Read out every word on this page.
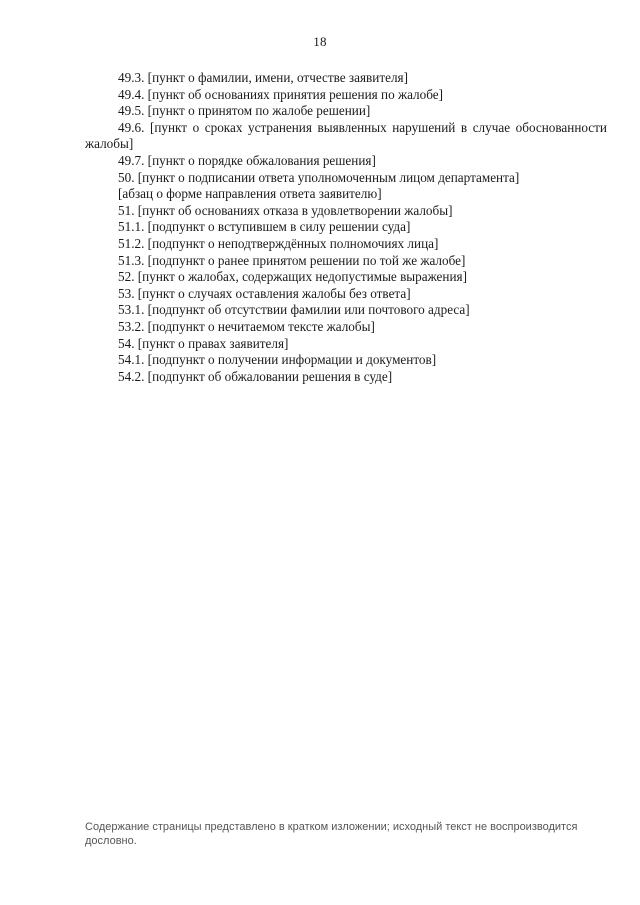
18

49.3. [пункт о фамилии, имени, отчестве заявителя]

49.4. [пункт об основаниях принятия решения по жалобе]

49.5. [пункт о принятом по жалобе решении]

49.6. [пункт о сроках устранения выявленных нарушений в случае обоснованности жалобы]

49.7. [пункт о порядке обжалования решения]

50. [пункт о подписании ответа уполномоченным лицом департамента]

[абзац о форме направления ответа заявителю]

51. [пункт об основаниях отказа в удовлетворении жалобы]

51.1. [подпункт о вступившем в силу решении суда]

51.2. [подпункт о неподтверждённых полномочиях лица]

51.3. [подпункт о ранее принятом решении по той же жалобе]

52. [пункт о жалобах, содержащих недопустимые выражения]

53. [пункт о случаях оставления жалобы без ответа]

53.1. [подпункт об отсутствии фамилии или почтового адреса]

53.2. [подпункт о нечитаемом тексте жалобы]

54. [пункт о правах заявителя]

54.1. [подпункт о получении информации и документов]

54.2. [подпункт об обжаловании решения в суде]

Содержание страницы представлено в кратком изложении; исходный текст не воспроизводится дословно.
